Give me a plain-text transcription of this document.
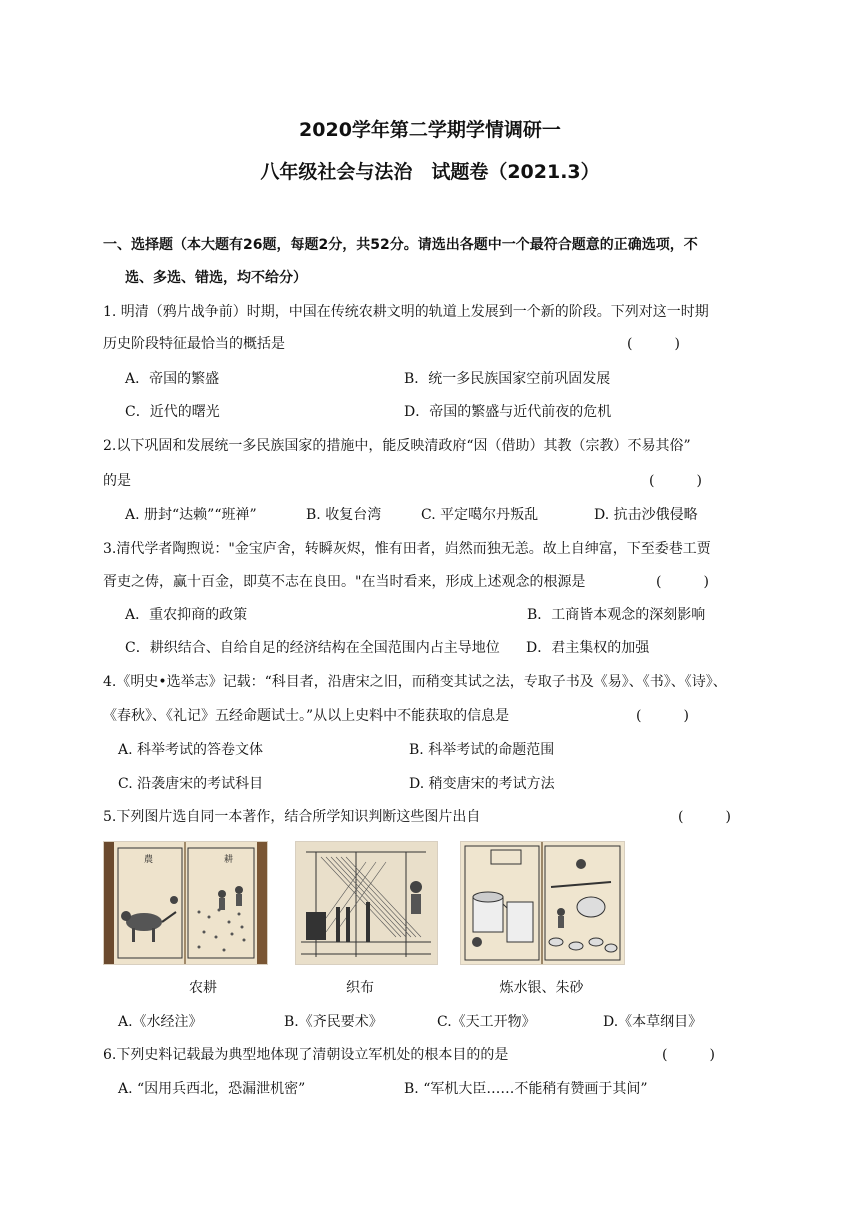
2020学年第二学期学情调研一
八年级社会与法治　试题卷（2021.3）
一、选择题（本大题有26题，每题2分，共52分。请选出各题中一个最符合题意的正确选项，不
选、多选、错选，均不给分）
1. 明清（鸦片战争前）时期，中国在传统农耕文明的轨道上发展到一个新的阶段。下列对这一时期
历史阶段特征最恰当的概括是	(　　　)
A．帝国的繁盛	B．统一多民族国家空前巩固发展
C．近代的曙光	D．帝国的繁盛与近代前夜的危机
2.以下巩固和发展统一多民族国家的措施中，能反映清政府“因（借助）其教（宗教）不易其俗”
的是	(　　　)
A. 册封“达赖”“班禅”	B. 收复台湾	C. 平定噶尔丹叛乱	D. 抗击沙俄侵略
3.清代学者陶煦说："金宝庐舍，转瞬灰烬，惟有田者，岿然而独无恙。故上自绅富，下至委巷工贾
胥吏之俦，赢十百金，即莫不志在良田。"在当时看来，形成上述观念的根源是	(　　　)
A．重农抑商的政策	B．工商皆本观念的深刻影响
C．耕织结合、自给自足的经济结构在全国范围内占主导地位 D．君主集权的加强
4.《明史•选举志》记载：“科目者，沿唐宋之旧，而稍变其试之法，专取子书及《易》、《书》、《诗》、
《春秋》、《礼记》五经命题试士。”从以上史料中不能获取的信息是	(　　　)
A. 科举考试的答卷文体	B. 科举考试的命题范围
C. 沿袭唐宋的考试科目	D. 稍变唐宋的考试方法
5.下列图片选自同一本著作，结合所学知识判断这些图片出自	(　　　)
農	耕
农耕	织布	炼水银、朱砂
A.《水经注》	B.《齐民要术》	C.《天工开物》	D.《本草纲目》
6.下列史料记载最为典型地体现了清朝设立军机处的根本目的的是	(　　　)
A. “因用兵西北，恐漏泄机密”	B. “军机大臣……不能稍有赞画于其间”
